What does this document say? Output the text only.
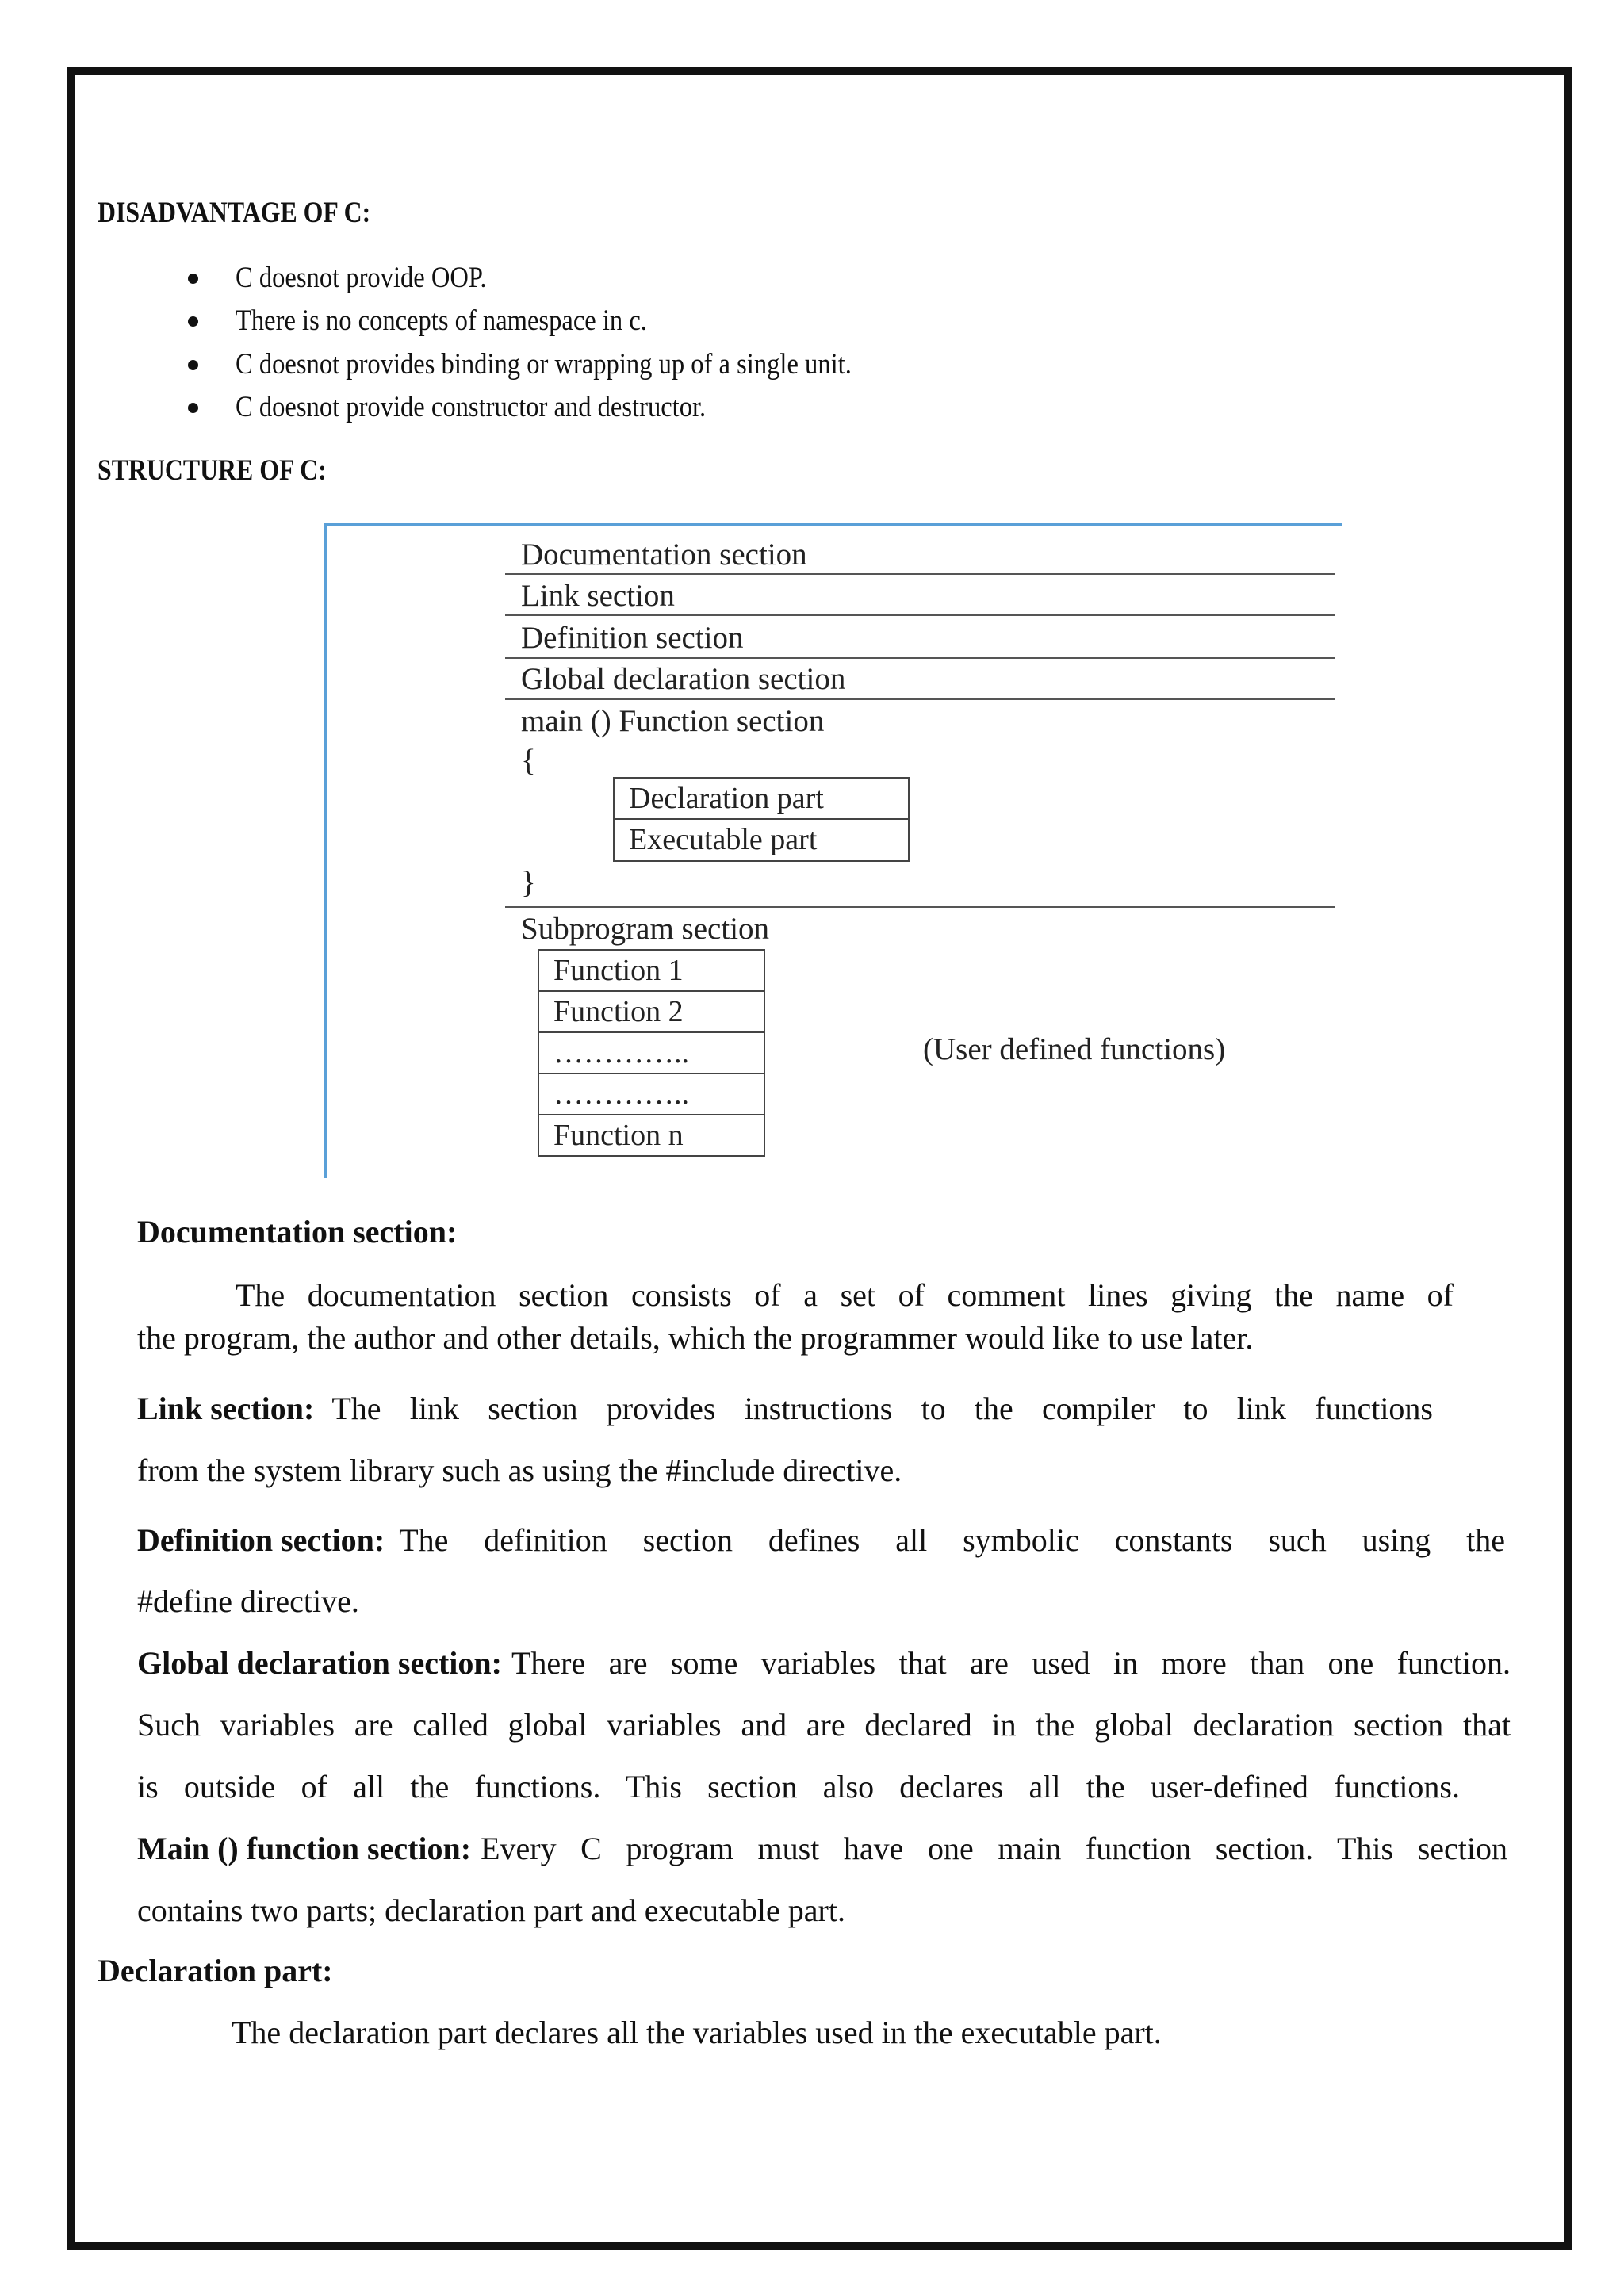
DISADVANTAGE OF C:
C doesnot provide OOP.
There is no concepts of namespace in c.
C doesnot provides binding or wrapping up of a single unit.
C doesnot provide constructor and destructor.
STRUCTURE OF C:
Documentation section
Link section
Definition section
Global declaration section
main () Function section
{
Declaration part
Executable part
}
Subprogram section
Function 1
Function 2
…………..
…………..
Function n
(User defined functions)
Documentation section:
The documentation section consists of a set of comment lines giving the name of
the program, the author and other details, which the programmer would like to use later.
Link section: The link section provides instructions to the compiler to link functions
from the system library such as using the #include directive.
Definition section: The definition section defines all symbolic constants such using the
#define directive.
Global declaration section: There are some variables that are used in more than one function.
Such variables are called global variables and are declared in the global declaration section that
is outside of all the functions. This section also declares all the user-defined functions.
Main () function section: Every C program must have one main function section. This section
contains two parts; declaration part and executable part.
Declaration part:
The declaration part declares all the variables used in the executable part.
